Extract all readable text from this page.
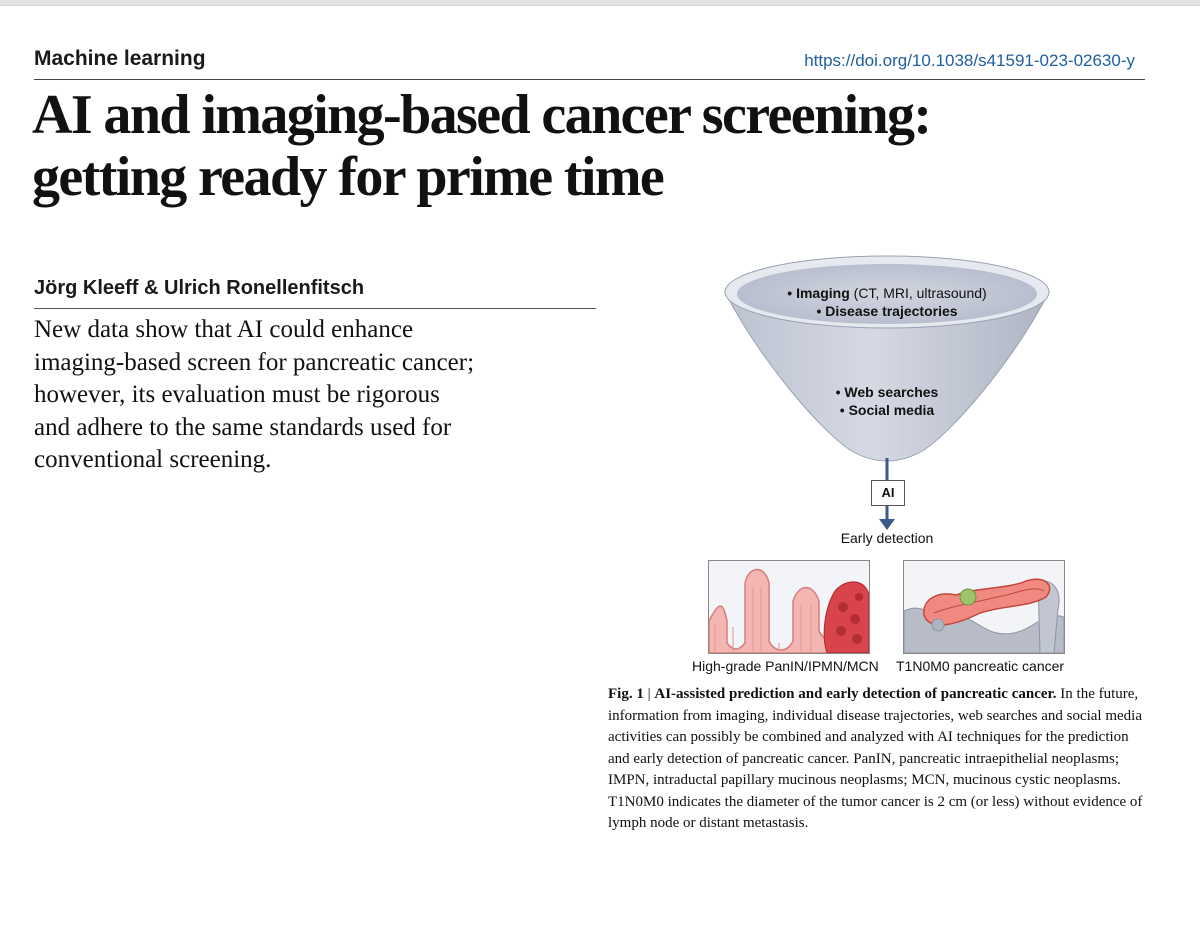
Machine learning	https://doi.org/10.1038/s41591-023-02630-y
AI and imaging-based cancer screening:
getting ready for prime time
Jörg Kleeff & Ulrich Ronellenfitsch

New data show that AI could enhance
imaging-based screen for pancreatic cancer;
however, its evaluation must be rigorous
and adhere to the same standards used for
conventional screening.

• Imaging (CT, MRI, ultrasound)
• Disease trajectories
• Web searches
• Social media
AI
Early detection
High-grade PanIN/IPMN/MCN T1N0M0 pancreatic cancer

Fig. 1 | AI-assisted prediction and early detection of pancreatic cancer. In the future, information from imaging, individual disease trajectories, web searches and social media activities can possibly be combined and analyzed with AI techniques for the prediction and early detection of pancreatic cancer. PanIN, pancreatic intraepithelial neoplasms; IMPN, intraductal papillary mucinous neoplasms; MCN, mucinous cystic neoplasms. T1N0M0 indicates the diameter of the tumor cancer is 2 cm (or less) without evidence of lymph node or distant metastasis.
